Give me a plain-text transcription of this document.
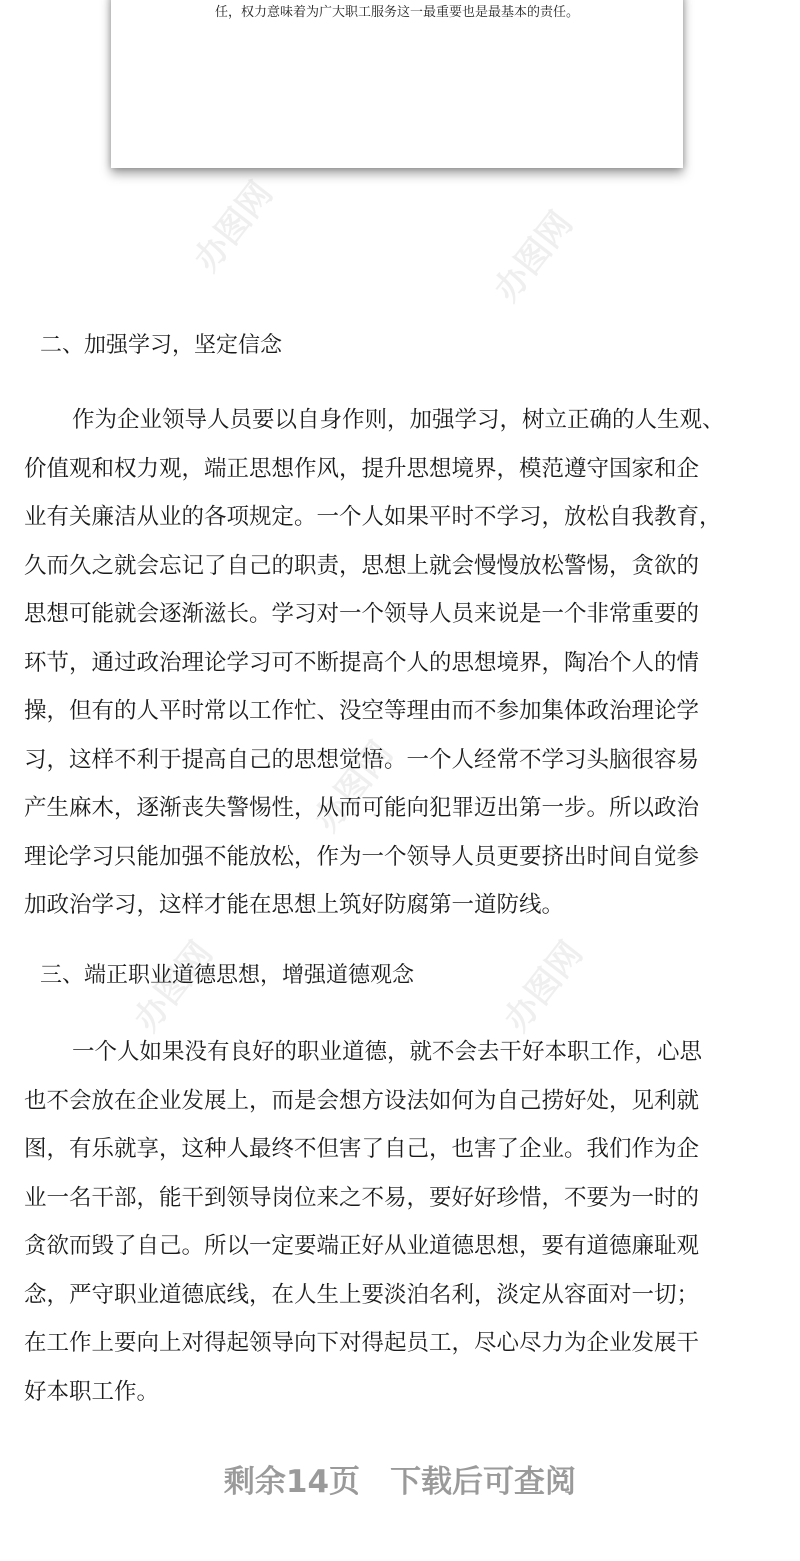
任，权力意味着为广大职工服务这一最重要也是最基本的责任。
办图网	办图网
办图网
办图网	办图网
二、加强学习，坚定信念
作为企业领导人员要以自身作则，加强学习，树立正确的人生观、
价值观和权力观，端正思想作风，提升思想境界，模范遵守国家和企
业有关廉洁从业的各项规定。一个人如果平时不学习，放松自我教育，
久而久之就会忘记了自己的职责，思想上就会慢慢放松警惕，贪欲的
思想可能就会逐渐滋长。学习对一个领导人员来说是一个非常重要的
环节，通过政治理论学习可不断提高个人的思想境界，陶冶个人的情
操，但有的人平时常以工作忙、没空等理由而不参加集体政治理论学
习，这样不利于提高自己的思想觉悟。一个人经常不学习头脑很容易
产生麻木，逐渐丧失警惕性，从而可能向犯罪迈出第一步。所以政治
理论学习只能加强不能放松，作为一个领导人员更要挤出时间自觉参
加政治学习，这样才能在思想上筑好防腐第一道防线。
三、端正职业道德思想，增强道德观念
一个人如果没有良好的职业道德，就不会去干好本职工作，心思
也不会放在企业发展上，而是会想方设法如何为自己捞好处，见利就
图，有乐就享，这种人最终不但害了自己，也害了企业。我们作为企
业一名干部，能干到领导岗位来之不易，要好好珍惜，不要为一时的
贪欲而毁了自己。所以一定要端正好从业道德思想，要有道德廉耻观
念，严守职业道德底线，在人生上要淡泊名利，淡定从容面对一切；
在工作上要向上对得起领导向下对得起员工，尽心尽力为企业发展干
好本职工作。
剩余14页 下载后可查阅
